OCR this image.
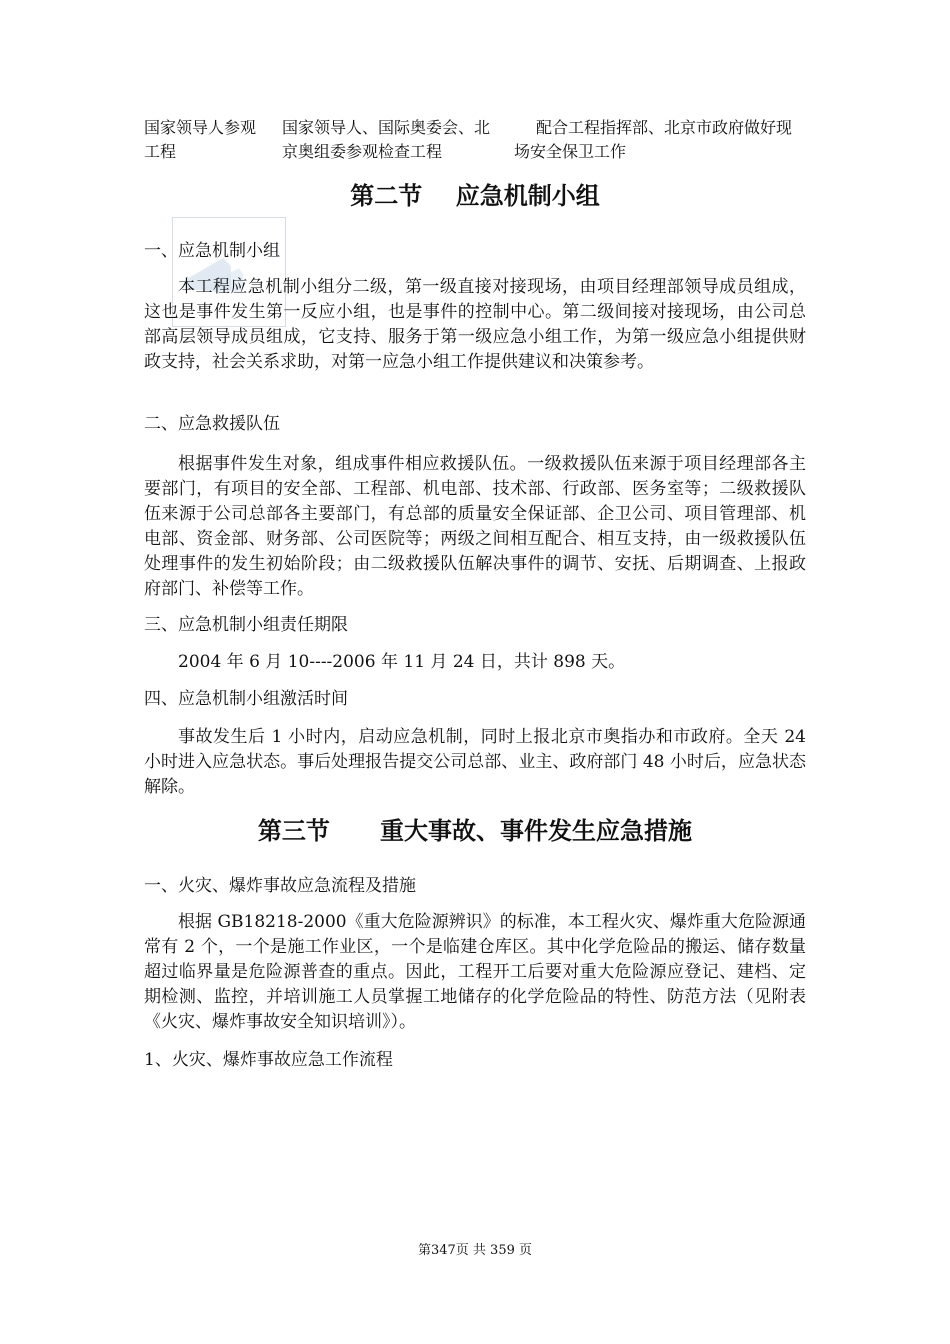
国家领导人参观工程
国家领导人、国际奥委会、北京奥组委参观检查工程
配合工程指挥部、北京市政府做好现
场安全保卫工作
第二节    应急机制小组
一、应急机制小组
本工程应急机制小组分二级，第一级直接对接现场，由项目经理部领导成员组成，这也是事件发生第一反应小组，也是事件的控制中心。第二级间接对接现场，由公司总部高层领导成员组成，它支持、服务于第一级应急小组工作，为第一级应急小组提供财政支持，社会关系求助，对第一应急小组工作提供建议和决策参考。
二、应急救援队伍
根据事件发生对象，组成事件相应救援队伍。一级救援队伍来源于项目经理部各主要部门，有项目的安全部、工程部、机电部、技术部、行政部、医务室等；二级救援队伍来源于公司总部各主要部门，有总部的质量安全保证部、企卫公司、项目管理部、机电部、资金部、财务部、公司医院等；两级之间相互配合、相互支持，由一级救援队伍处理事件的发生初始阶段；由二级救援队伍解决事件的调节、安抚、后期调查、上报政府部门、补偿等工作。
三、应急机制小组责任期限
2004 年 6 月 10----2006 年 11 月 24 日，共计 898 天。
四、应急机制小组激活时间
事故发生后 1 小时内，启动应急机制，同时上报北京市奥指办和市政府。全天 24 小时进入应急状态。事后处理报告提交公司总部、业主、政府部门 48 小时后，应急状态解除。
第三节      重大事故、事件发生应急措施
一、火灾、爆炸事故应急流程及措施
根据 GB18218-2000《重大危险源辨识》的标准，本工程火灾、爆炸重大危险源通常有 2 个，一个是施工作业区，一个是临建仓库区。其中化学危险品的搬运、储存数量超过临界量是危险源普查的重点。因此，工程开工后要对重大危险源应登记、建档、定期检测、监控，并培训施工人员掌握工地储存的化学危险品的特性、防范方法（见附表《火灾、爆炸事故安全知识培训》）。
1、火灾、爆炸事故应急工作流程
第347页 共 359 页
